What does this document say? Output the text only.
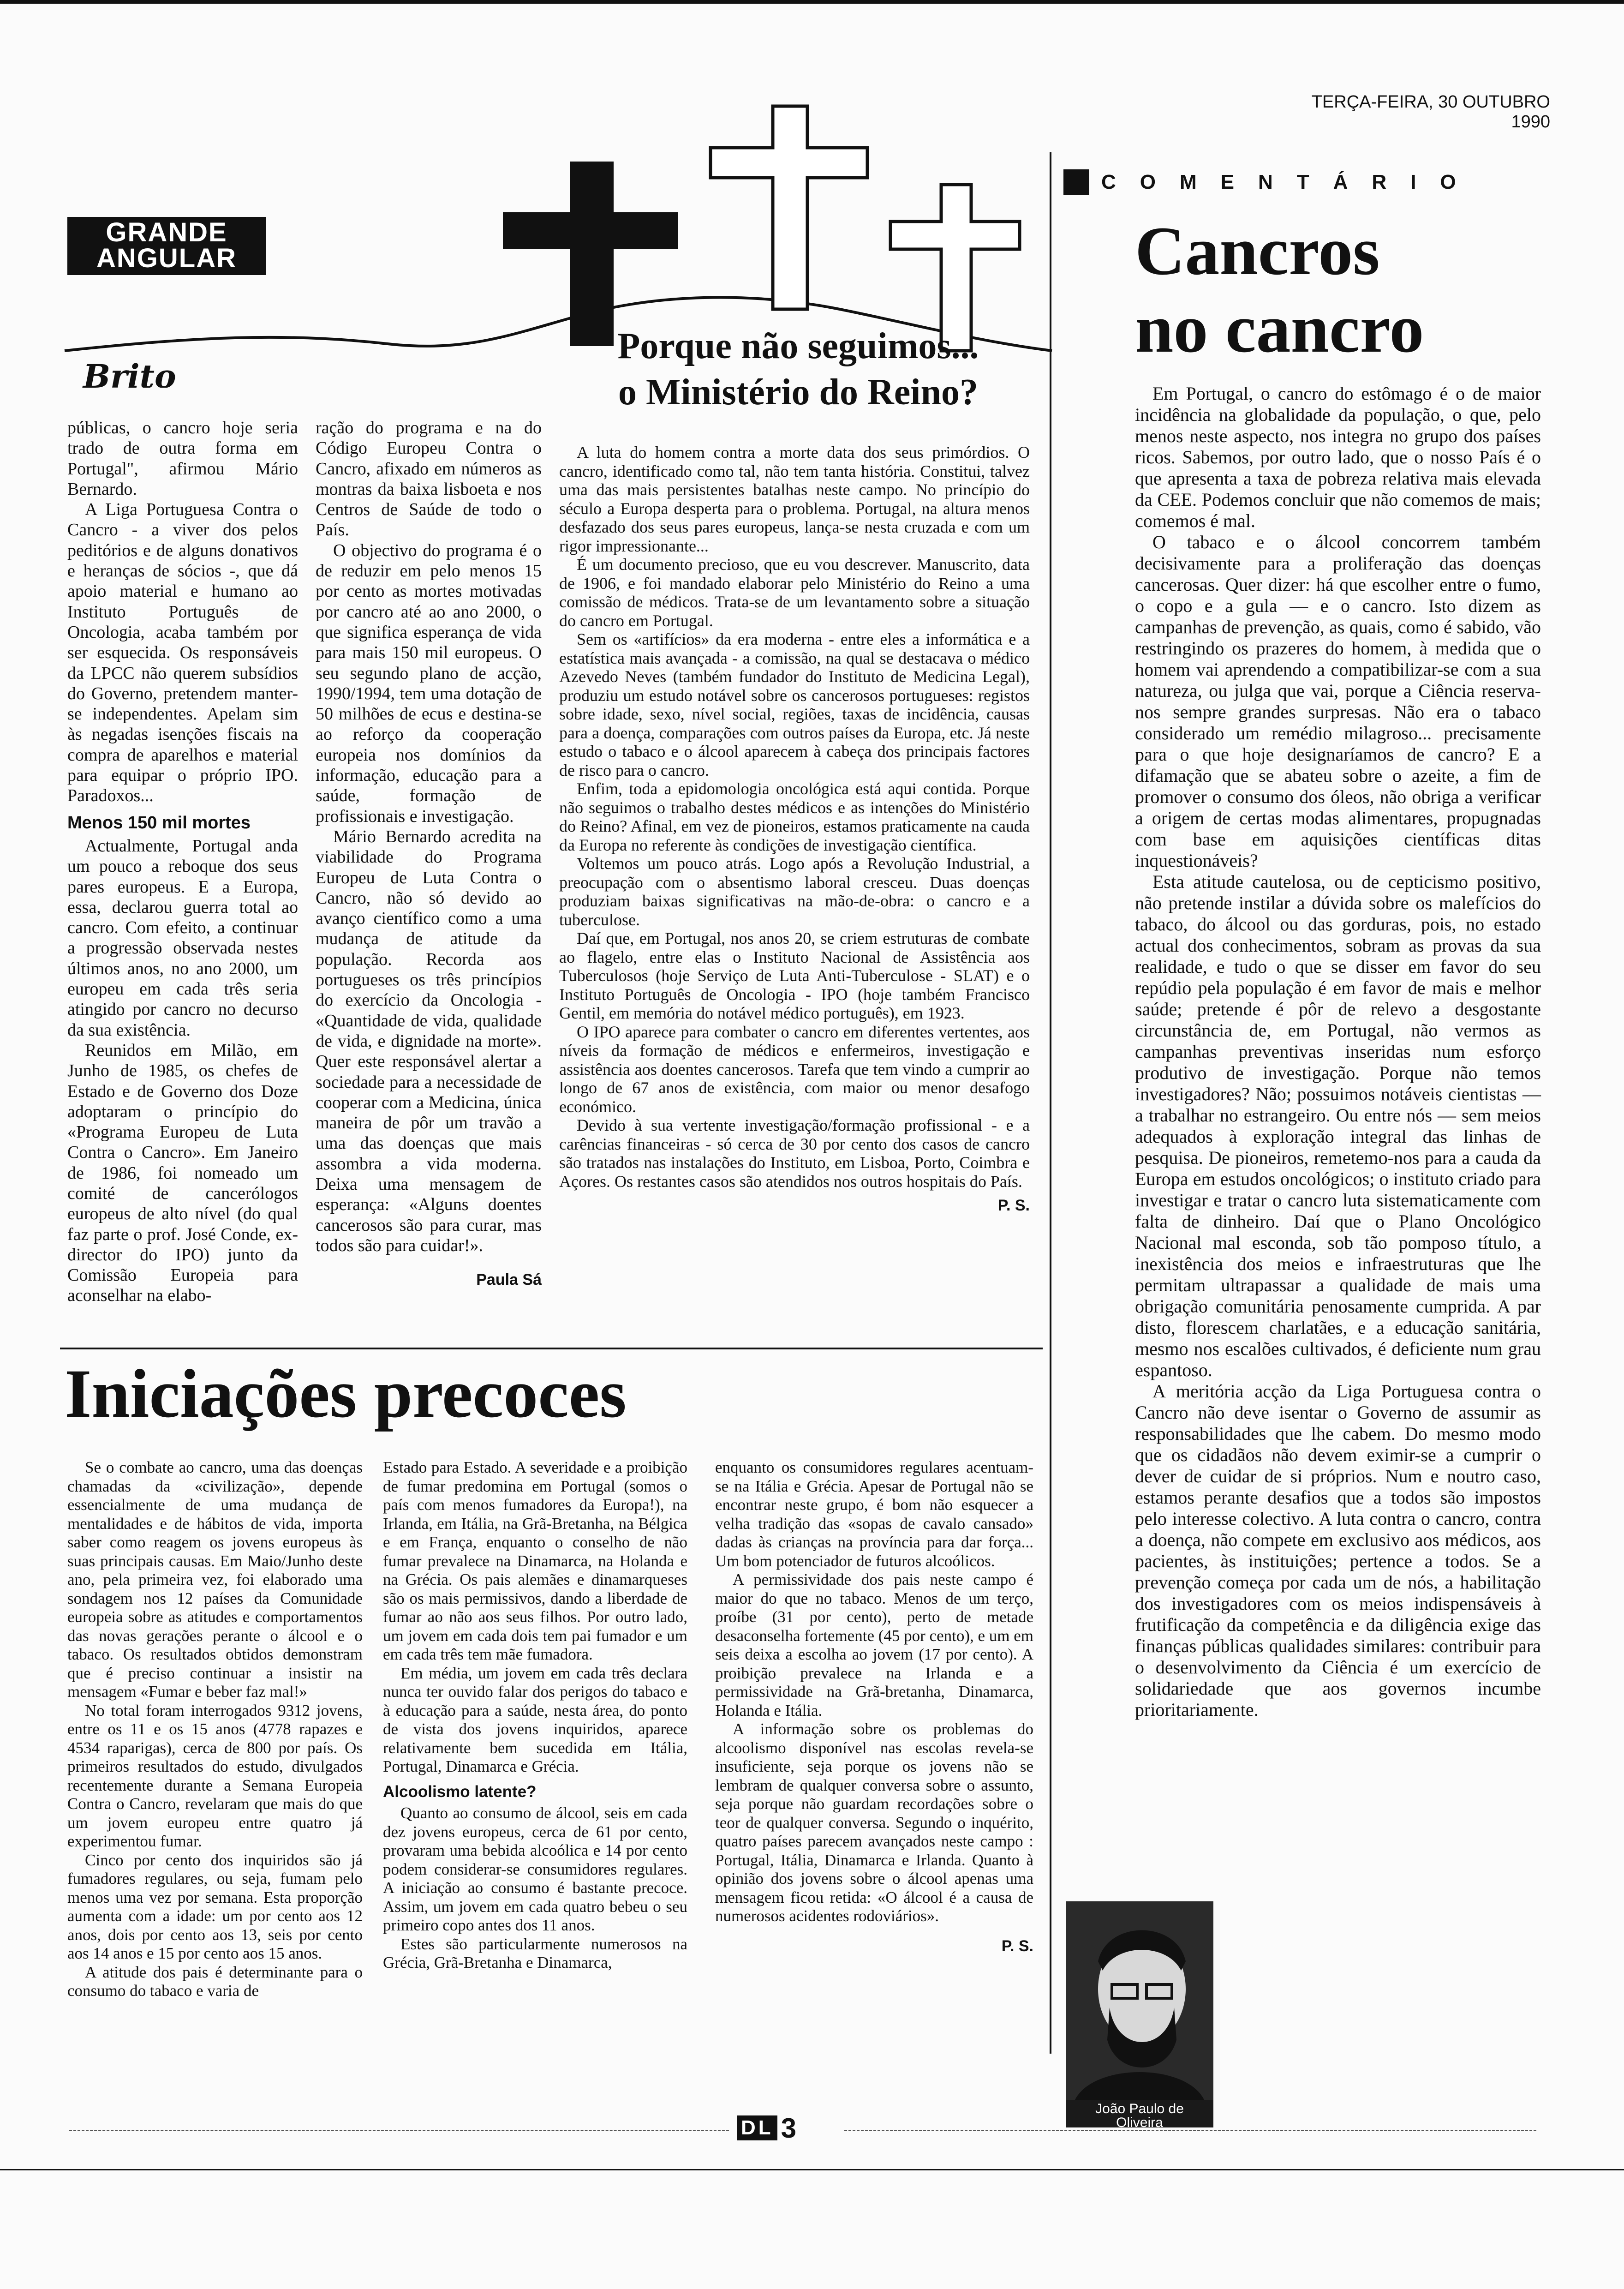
TERÇA-FEIRA, 30 OUTUBRO 1990
GRANDE
ANGULAR
Brito

públicas, o cancro hoje seria trado de outra forma em Portugal", afirmou Mário Bernardo.

A Liga Portuguesa Contra o Cancro - a viver dos pelos peditórios e de alguns donativos e heranças de sócios -, que dá apoio material e humano ao Instituto Português de Oncologia, acaba também por ser esquecida. Os responsáveis da LPCC não querem subsídios do Governo, pretendem manter-se independentes. Apelam sim às negadas isenções fiscais na compra de aparelhos e material para equipar o próprio IPO. Paradoxos...

Menos 150 mil mortes

Actualmente, Portugal anda um pouco a reboque dos seus pares europeus. E a Europa, essa, declarou guerra total ao cancro. Com efeito, a continuar a progressão observada nestes últimos anos, no ano 2000, um europeu em cada três seria atingido por cancro no decurso da sua existência.

Reunidos em Milão, em Junho de 1985, os chefes de Estado e de Governo dos Doze adoptaram o princípio do «Programa Europeu de Luta Contra o Cancro». Em Janeiro de 1986, foi nomeado um comité de cancerólogos europeus de alto nível (do qual faz parte o prof. José Conde, ex-director do IPO) junto da Comissão Europeia para aconselhar na elabo-

ração do programa e na do Código Europeu Contra o Cancro, afixado em números as montras da baixa lisboeta e nos Centros de Saúde de todo o País.

O objectivo do programa é o de reduzir em pelo menos 15 por cento as mortes motivadas por cancro até ao ano 2000, o que significa esperança de vida para mais 150 mil europeus. O seu segundo plano de acção, 1990/1994, tem uma dotação de 50 milhões de ecus e destina-se ao reforço da cooperação europeia nos domínios da informação, educação para a saúde, formação de profissionais e investigação.

Mário Bernardo acredita na viabilidade do Programa Europeu de Luta Contra o Cancro, não só devido ao avanço científico como a uma mudança de atitude da população. Recorda aos portugueses os três princípios do exercício da Oncologia - «Quantidade de vida, qualidade de vida, e dignidade na morte». Quer este responsável alertar a sociedade para a necessidade de cooperar com a Medicina, única maneira de pôr um travão a uma das doenças que mais assombra a vida moderna. Deixa uma mensagem de esperança: «Alguns doentes cancerosos são para curar, mas todos são para cuidar!».

Paula Sá
Porque não seguimos...
o Ministério do Reino?

A luta do homem contra a morte data dos seus primórdios. O cancro, identificado como tal, não tem tanta história. Constitui, talvez uma das mais persistentes batalhas neste campo. No princípio do século a Europa desperta para o problema. Portugal, na altura menos desfazado dos seus pares europeus, lança-se nesta cruzada e com um rigor impressionante...

É um documento precioso, que eu vou descrever. Manuscrito, data de 1906, e foi mandado elaborar pelo Ministério do Reino a uma comissão de médicos. Trata-se de um levantamento sobre a situação do cancro em Portugal.

Sem os «artifícios» da era moderna - entre eles a informática e a estatística mais avançada - a comissão, na qual se destacava o médico Azevedo Neves (também fundador do Instituto de Medicina Legal), produziu um estudo notável sobre os cancerosos portugueses: registos sobre idade, sexo, nível social, regiões, taxas de incidência, causas para a doença, comparações com outros países da Europa, etc. Já neste estudo o tabaco e o álcool aparecem à cabeça dos principais factores de risco para o cancro.

Enfim, toda a epidomologia oncológica está aqui contida. Porque não seguimos o trabalho destes médicos e as intenções do Ministério do Reino? Afinal, em vez de pioneiros, estamos praticamente na cauda da Europa no referente às condições de investigação científica.

Voltemos um pouco atrás. Logo após a Revolução Industrial, a preocupação com o absentismo laboral cresceu. Duas doenças produziam baixas significativas na mão-de-obra: o cancro e a tuberculose.

Daí que, em Portugal, nos anos 20, se criem estruturas de combate ao flagelo, entre elas o Instituto Nacional de Assistência aos Tuberculosos (hoje Serviço de Luta Anti-Tuberculose - SLAT) e o Instituto Português de Oncologia - IPO (hoje também Francisco Gentil, em memória do notável médico português), em 1923.

O IPO aparece para combater o cancro em diferentes vertentes, aos níveis da formação de médicos e enfermeiros, investigação e assistência aos doentes cancerosos. Tarefa que tem vindo a cumprir ao longo de 67 anos de existência, com maior ou menor desafogo económico.

Devido à sua vertente investigação/formação profissional - e a carências financeiras - só cerca de 30 por cento dos casos de cancro são tratados nas instalações do Instituto, em Lisboa, Porto, Coimbra e Açores. Os restantes casos são atendidos nos outros hospitais do País.

P. S.
Iniciações precoces

Se o combate ao cancro, uma das doenças chamadas da «civilização», depende essencialmente de uma mudança de mentalidades e de hábitos de vida, importa saber como reagem os jovens europeus às suas principais causas. Em Maio/Junho deste ano, pela primeira vez, foi elaborado uma sondagem nos 12 países da Comunidade europeia sobre as atitudes e comportamentos das novas gerações perante o álcool e o tabaco. Os resultados obtidos demonstram que é preciso continuar a insistir na mensagem «Fumar e beber faz mal!»

No total foram interrogados 9312 jovens, entre os 11 e os 15 anos (4778 rapazes e 4534 raparigas), cerca de 800 por país. Os primeiros resultados do estudo, divulgados recentemente durante a Semana Europeia Contra o Cancro, revelaram que mais do que um jovem europeu entre quatro já experimentou fumar.

Cinco por cento dos inquiridos são já fumadores regulares, ou seja, fumam pelo menos uma vez por semana. Esta proporção aumenta com a idade: um por cento aos 12 anos, dois por cento aos 13, seis por cento aos 14 anos e 15 por cento aos 15 anos.

A atitude dos pais é determinante para o consumo do tabaco e varia de

Estado para Estado. A severidade e a proibição de fumar predomina em Portugal (somos o país com menos fumadores da Europa!), na Irlanda, em Itália, na Grã-Bretanha, na Bélgica e em França, enquanto o conselho de não fumar prevalece na Dinamarca, na Holanda e na Grécia. Os pais alemães e dinamarqueses são os mais permissivos, dando a liberdade de fumar ao não aos seus filhos. Por outro lado, um jovem em cada dois tem pai fumador e um em cada três tem mãe fumadora.

Em média, um jovem em cada três declara nunca ter ouvido falar dos perigos do tabaco e à educação para a saúde, nesta área, do ponto de vista dos jovens inquiridos, aparece relativamente bem sucedida em Itália, Portugal, Dinamarca e Grécia.

Alcoolismo latente?

Quanto ao consumo de álcool, seis em cada dez jovens europeus, cerca de 61 por cento, provaram uma bebida alcoólica e 14 por cento podem considerar-se consumidores regulares. A iniciação ao consumo é bastante precoce. Assim, um jovem em cada quatro bebeu o seu primeiro copo antes dos 11 anos.

Estes são particularmente numerosos na Grécia, Grã-Bretanha e Dinamarca,

enquanto os consumidores regulares acentuam-se na Itália e Grécia. Apesar de Portugal não se encontrar neste grupo, é bom não esquecer a velha tradição das «sopas de cavalo cansado» dadas às crianças na província para dar força... Um bom potenciador de futuros alcoólicos.

A permissividade dos pais neste campo é maior do que no tabaco. Menos de um terço, proíbe (31 por cento), perto de metade desaconselha fortemente (45 por cento), e um em seis deixa a escolha ao jovem (17 por cento). A proibição prevalece na Irlanda e a permissividade na Grã-bretanha, Dinamarca, Holanda e Itália.

A informação sobre os problemas do alcoolismo disponível nas escolas revela-se insuficiente, seja porque os jovens não se lembram de qualquer conversa sobre o assunto, seja porque não guardam recordações sobre o teor de qualquer conversa. Segundo o inquérito, quatro países parecem avançados neste campo : Portugal, Itália, Dinamarca e Irlanda. Quanto à opinião dos jovens sobre o álcool apenas uma mensagem ficou retida: «O álcool é a causa de numerosos acidentes rodoviários».

P. S.
COMENTÁRIO
Cancros
no cancro

Em Portugal, o cancro do estômago é o de maior incidência na globalidade da população, o que, pelo menos neste aspecto, nos integra no grupo dos países ricos. Sabemos, por outro lado, que o nosso País é o que apresenta a taxa de pobreza relativa mais elevada da CEE. Podemos concluir que não comemos de mais; comemos é mal.

O tabaco e o álcool concorrem também decisivamente para a proliferação das doenças cancerosas. Quer dizer: há que escolher entre o fumo, o copo e a gula — e o cancro. Isto dizem as campanhas de prevenção, as quais, como é sabido, vão restringindo os prazeres do homem, à medida que o homem vai aprendendo a compatibilizar-se com a sua natureza, ou julga que vai, porque a Ciência reserva-nos sempre grandes surpresas. Não era o tabaco considerado um remédio milagroso... precisamente para o que hoje designaríamos de cancro? E a difamação que se abateu sobre o azeite, a fim de promover o consumo dos óleos, não obriga a verificar a origem de certas modas alimentares, propugnadas com base em aquisições científicas ditas inquestionáveis?

Esta atitude cautelosa, ou de cepticismo positivo, não pretende instilar a dúvida sobre os malefícios do tabaco, do álcool ou das gorduras, pois, no estado actual dos conhecimentos, sobram as provas da sua realidade, e tudo o que se disser em favor do seu repúdio pela população é em favor de mais e melhor saúde; pretende é pôr de relevo a desgostante circunstância de, em Portugal, não vermos as campanhas preventivas inseridas num esforço produtivo de investigação. Porque não temos investigadores? Não; possuimos notáveis cientistas — a trabalhar no estrangeiro. Ou entre nós — sem meios adequados à exploração integral das linhas de pesquisa. De pioneiros, remetemo-nos para a cauda da Europa em estudos oncológicos; o instituto criado para investigar e tratar o cancro luta sistematicamente com falta de dinheiro. Daí que o Plano Oncológico Nacional mal esconda, sob tão pomposo título, a inexistência dos meios e infraestruturas que lhe permitam ultrapassar a qualidade de mais uma obrigação comunitária penosamente cumprida. A par disto, florescem charlatães, e a educação sanitária, mesmo nos escalões cultivados, é deficiente num grau espantoso.

A meritória acção da Liga Portuguesa contra o Cancro não deve isentar o Governo de assumir as responsabilidades que lhe cabem. Do mesmo modo que os cidadãos não devem eximir-se a cumprir o dever de cuidar de si próprios. Num e noutro caso, estamos perante desafios que a todos são impostos pelo interesse colectivo. A luta contra o cancro, contra a doença, não compete em exclusivo aos médicos, aos pacientes, às instituições; pertence a todos. Se a prevenção começa por cada um de nós, a habilitação dos investigadores com os meios indispensáveis à frutificação da competência e da diligência exige das finanças públicas qualidades similares: contribuir para o desenvolvimento da Ciência é um exercício de solidariedade que aos governos incumbe prioritariamente.

João Paulo de
Oliveira
DL 3
